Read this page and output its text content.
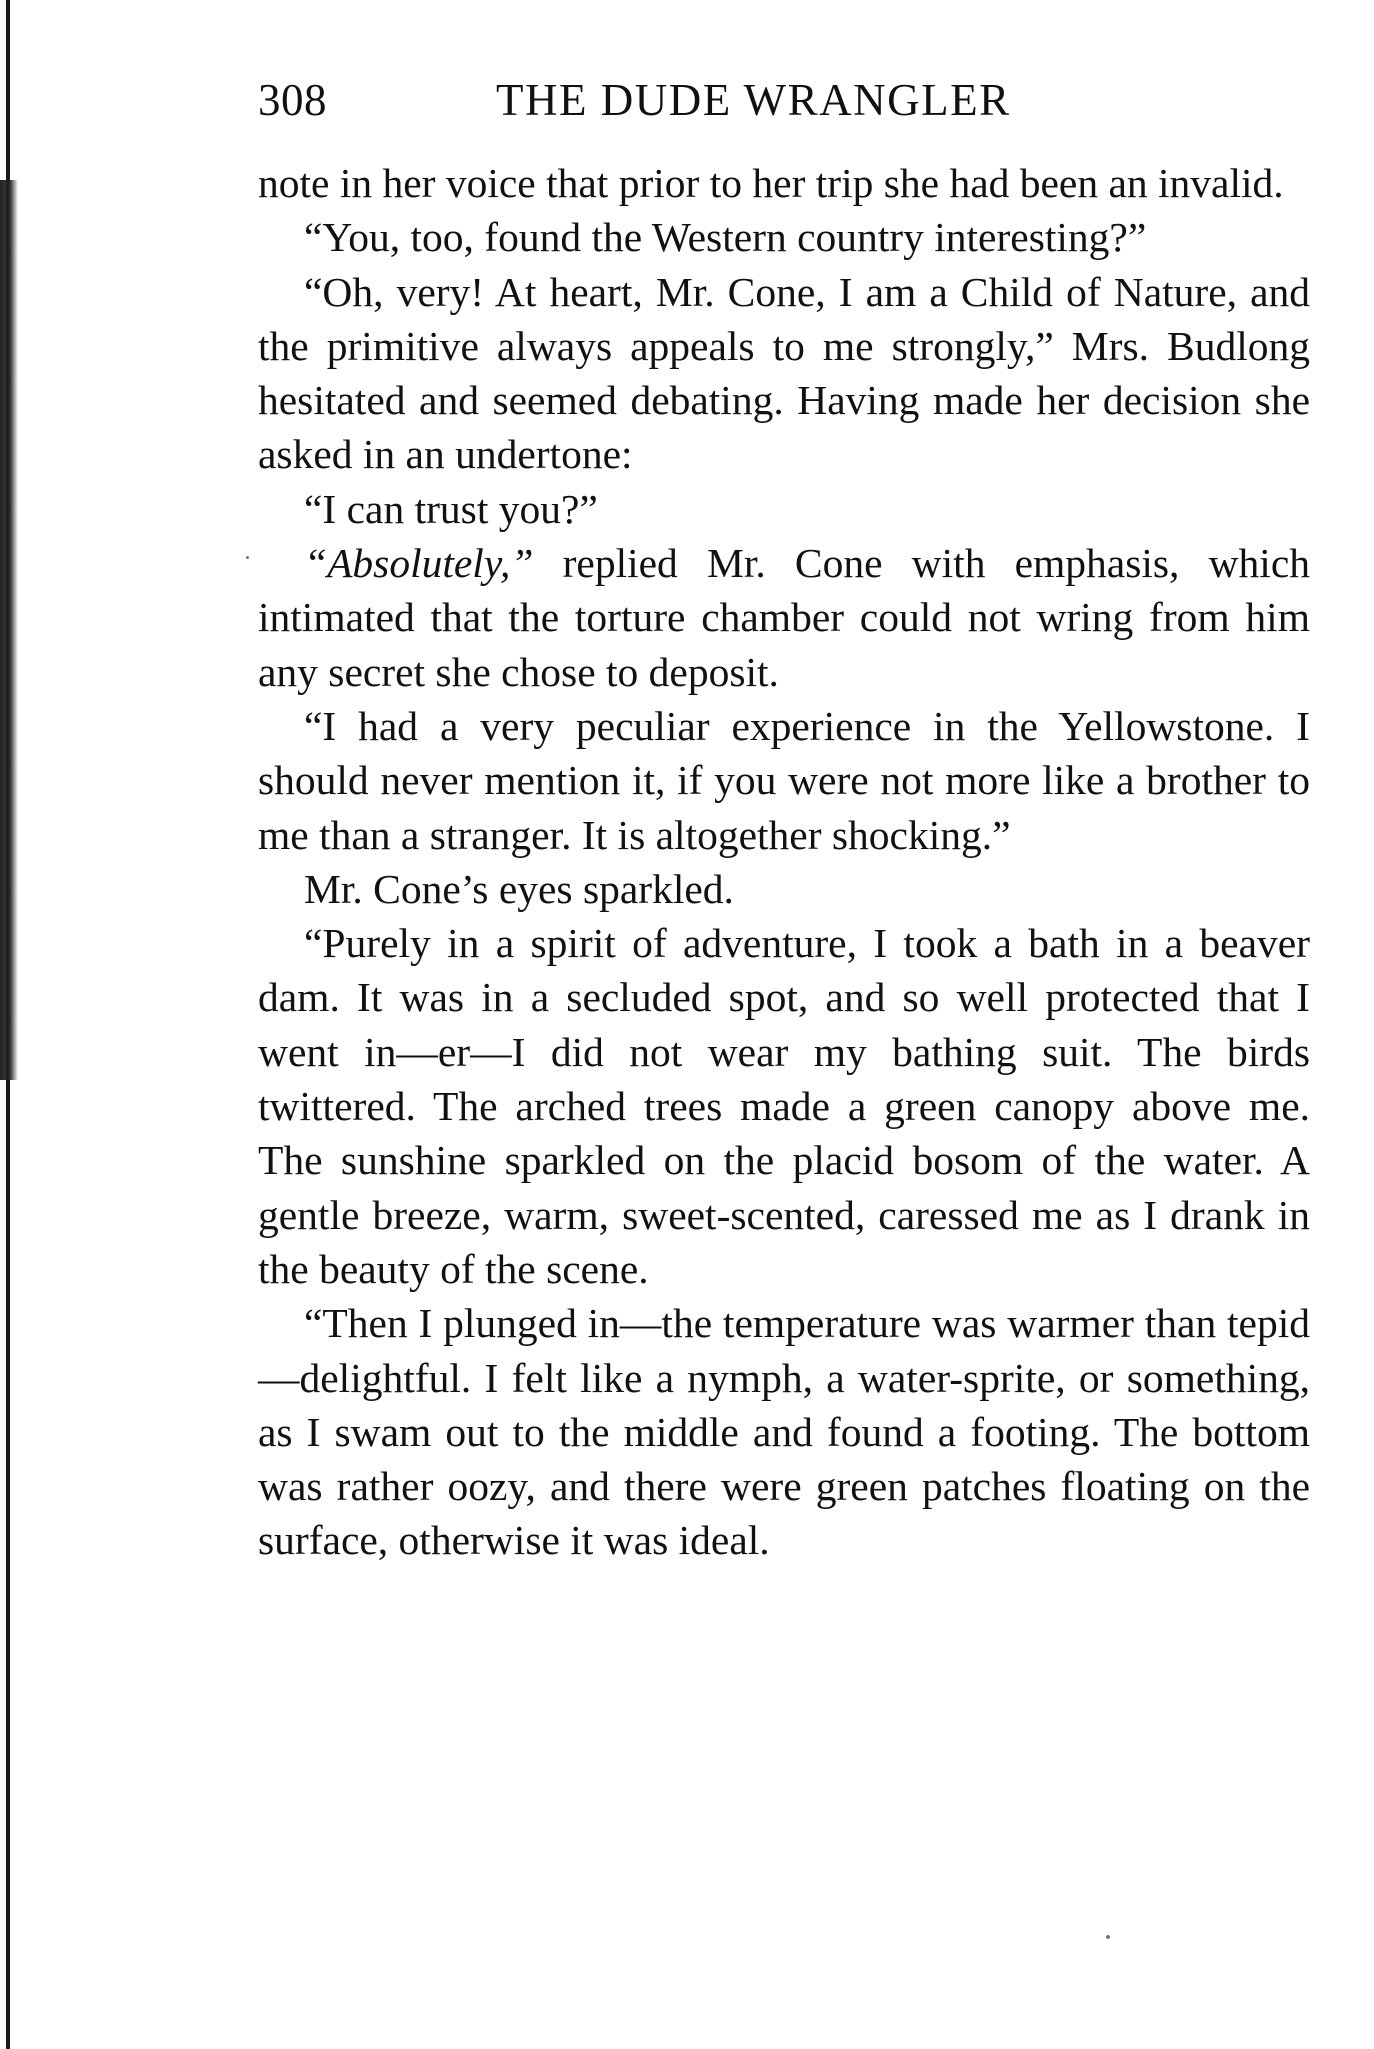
308	THE DUDE WRANGLER

note in her voice that prior to her trip she had been an invalid.

“You, too, found the Western country interesting?”

“Oh, very! At heart, Mr. Cone, I am a Child of Nature, and the primitive always appeals to me strongly,” Mrs. Budlong hesitated and seemed debating. Having made her decision she asked in an undertone:

“I can trust you?”

“Absolutely,” replied Mr. Cone with emphasis, which intimated that the torture chamber could not wring from him any secret she chose to deposit.

“I had a very peculiar experience in the Yellowstone. I should never mention it, if you were not more like a brother to me than a stranger. It is altogether shocking.”

Mr. Cone’s eyes sparkled.

“Purely in a spirit of adventure, I took a bath in a beaver dam. It was in a secluded spot, and so well protected that I went in—er—I did not wear my bathing suit. The birds twittered. The arched trees made a green canopy above me. The sunshine sparkled on the placid bosom of the water. A gentle breeze, warm, sweet-scented, caressed me as I drank in the beauty of the scene.

“Then I plunged in—the temperature was warmer than tepid—delightful. I felt like a nymph, a water-sprite, or something, as I swam out to the middle and found a footing. The bottom was rather oozy, and there were green patches floating on the surface, otherwise it was ideal.
